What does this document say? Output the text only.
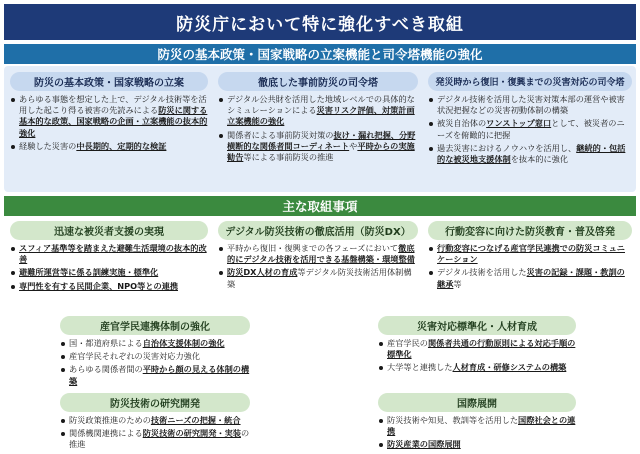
防災庁において特に強化すべき取組
防災の基本政策・国家戦略の立案機能と司令塔機能の強化
防災の基本政策・国家戦略の立案
あらゆる事態を想定した上で、デジタル技術等を活用した起こり得る被害の先読みによる防災に関する基本的な政策、国家戦略の企画・立案機能の抜本的強化
経験した災害の中長期的、定期的な検証
徹底した事前防災の司令塔
デジタル公共財を活用した地域レベルでの具体的なシミュレーションによる災害リスク評価、対策計画立案機能の強化
関係者による事前防災対策の抜け・漏れ把握、分野横断的な関係者間コーディネートや平時からの実施勧告等による事前防災の推進
発災時から復旧・復興までの災害対応の司令塔
デジタル技術を活用した災害対策本部の運営や被害状況把握などの災害初動体制の構築
被災自治体のワンストップ窓口として、被災者のニーズを俯瞰的に把握
過去災害におけるノウハウを活用し、継続的・包括的な被災地支援体制を抜本的に強化
主な取組事項
迅速な被災者支援の実現
スフィア基準等を踏まえた避難生活環境の抜本的改善
避難所運営等に係る訓練実施・標準化
専門性を有する民間企業、NPO等との連携
デジタル防災技術の徹底活用（防災DX）
平時から復旧・復興までの各フェーズにおいて徹底的にデジタル技術を活用できる基盤構築・環境整備
防災DX人材の育成等デジタル防災技術活用体制構築
行動変容に向けた防災教育・普及啓発
行動変容につなげる産官学民連携での防災コミュニケーション
デジタル技術を活用した災害の記録・課題・教訓の継承等
産官学民連携体制の強化
国・都道府県による自治体支援体制の強化
産官学民それぞれの災害対応力強化
あらゆる関係者間の平時から顔の見える体制の構築
災害対応標準化・人材育成
産官学民の関係者共通の行動原則による対応手順の標準化
大学等と連携した人材育成・研修システムの構築
防災技術の研究開発
防災政策推進のための技術ニーズの把握・統合
関係機関連携による防災技術の研究開発・実装の推進
国際展開
防災技術や知見、教訓等を活用した国際社会との連携
防災産業の国際展開
